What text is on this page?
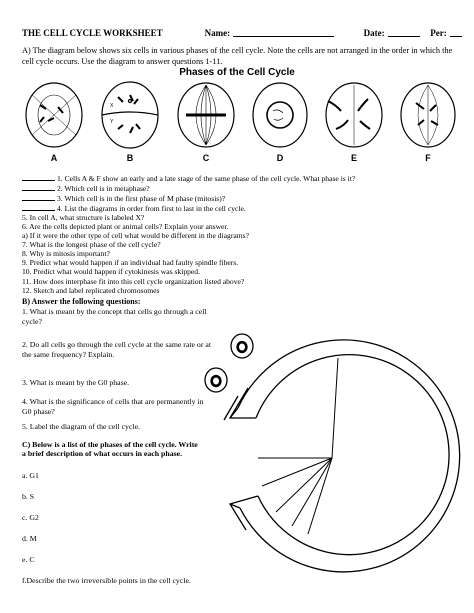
THE CELL CYCLE WORKSHEET	Name:	Date:	Per:
A) The diagram below shows six cells in various phases of the cell cycle. Note the cells are not arranged in the order in which the cell cycle occurs. Use the diagram to answer questions 1-11.
Phases of the Cell Cycle
A	B	C	D	E	F
X
Y
1. Cells A & F show an early and a late stage of the same phase of the cell cycle. What phase is it?
2. Which cell is in metaphase?
3. Which cell is in the first phase of M phase (mitosis)?
4. List the diagrams in order from first to last in the cell cycle.
5. In cell A, what structure is labeled X?
6. Are the cells depicted plant or animal cells? Explain your answer.
a) If it were the other type of cell what would be different in the diagrams?
7. What is the longest phase of the cell cycle?
8. Why is mitosis important?
9. Predict what would happen if an individual had faulty spindle fibers.
10. Predict what would happen if cytokinesis was skipped.
11. How does interphase fit into this cell cycle organization listed above?
12. Sketch and label replicated chromosomes
B) Answer the following questions:
1. What is meant by the concept that cells go through a cell cycle?
2. Do all cells go through the cell cycle at the same rate or at the same frequency? Explain.
3. What is meant by the G0 phase.
4. What is the significance of cells that are permanently in G0 phase?
5. Label the diagram of the cell cycle.
C) Below is a list of the phases of the cell cycle. Write a brief description of what occurs in each phase.
a. G1
b. S
c. G2
d. M
e. C
f.Describe the two irreversible points in the cell cycle.
